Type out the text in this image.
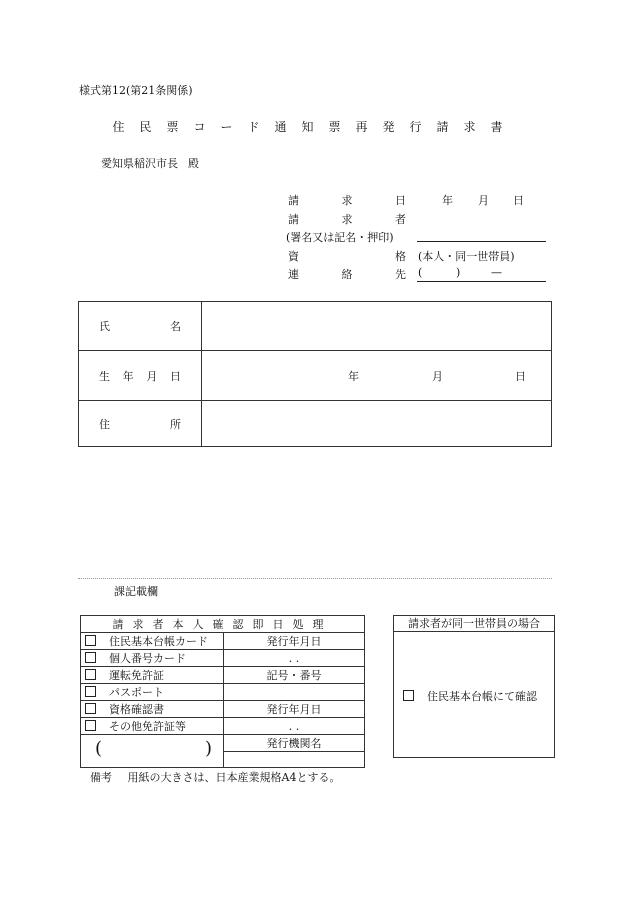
様式第12(第21条関係)
住民票コード通知票再発行請求書
愛知県稲沢市長 殿
請	求	日	年 月 日
請	求	者
(署名又は記名・押印)
資	格 (本人・同一世帯員)
連	絡	先 (	)	—
氏 名	

生 年 月 日	年 月 日

住 所	

課記載欄
請求者本人確認即日処理	
住民基本台帳カード	発行年月日
個人番号カード	. .
運転免許証	記号・番号
パスポート	
資格確認書	発行年月日
その他免許証等	. .

( )	発行機関名

請求者が同一世帯員の場合
住民基本台帳にて確認
備考 用紙の大きさは、日本産業規格A4とする。
